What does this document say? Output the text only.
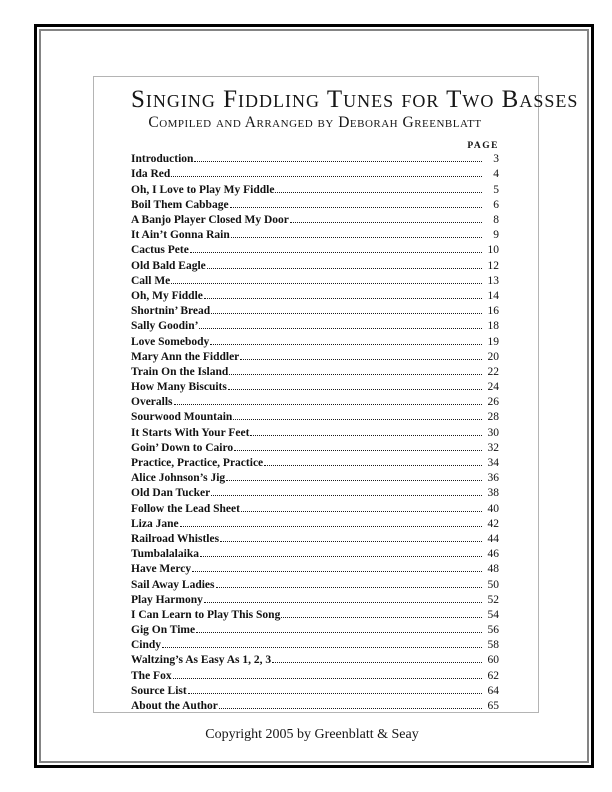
Singing Fiddling Tunes for Two Basses
Compiled and Arranged by Deborah Greenblatt
PAGE
Introduction	3
Ida Red	4
Oh, I Love to Play My Fiddle	5
Boil Them Cabbage	6
A Banjo Player Closed My Door	8
It Ain’t Gonna Rain	9
Cactus Pete	10
Old Bald Eagle	12
Call Me	13
Oh, My Fiddle	14
Shortnin’ Bread	16
Sally Goodin’	18
Love Somebody	19
Mary Ann the Fiddler	20
Train On the Island	22
How Many Biscuits	24
Overalls	26
Sourwood Mountain	28
It Starts With Your Feet	30
Goin’ Down to Cairo	32
Practice, Practice, Practice	34
Alice Johnson’s Jig	36
Old Dan Tucker	38
Follow the Lead Sheet	40
Liza Jane	42
Railroad Whistles	44
Tumbalalaika	46
Have Mercy	48
Sail Away Ladies	50
Play Harmony	52
I Can Learn to Play This Song	54
Gig On Time	56
Cindy	58
Waltzing’s As Easy As 1, 2, 3	60
The Fox	62
Source List	64
About the Author	65
Copyright 2005 by Greenblatt & Seay
